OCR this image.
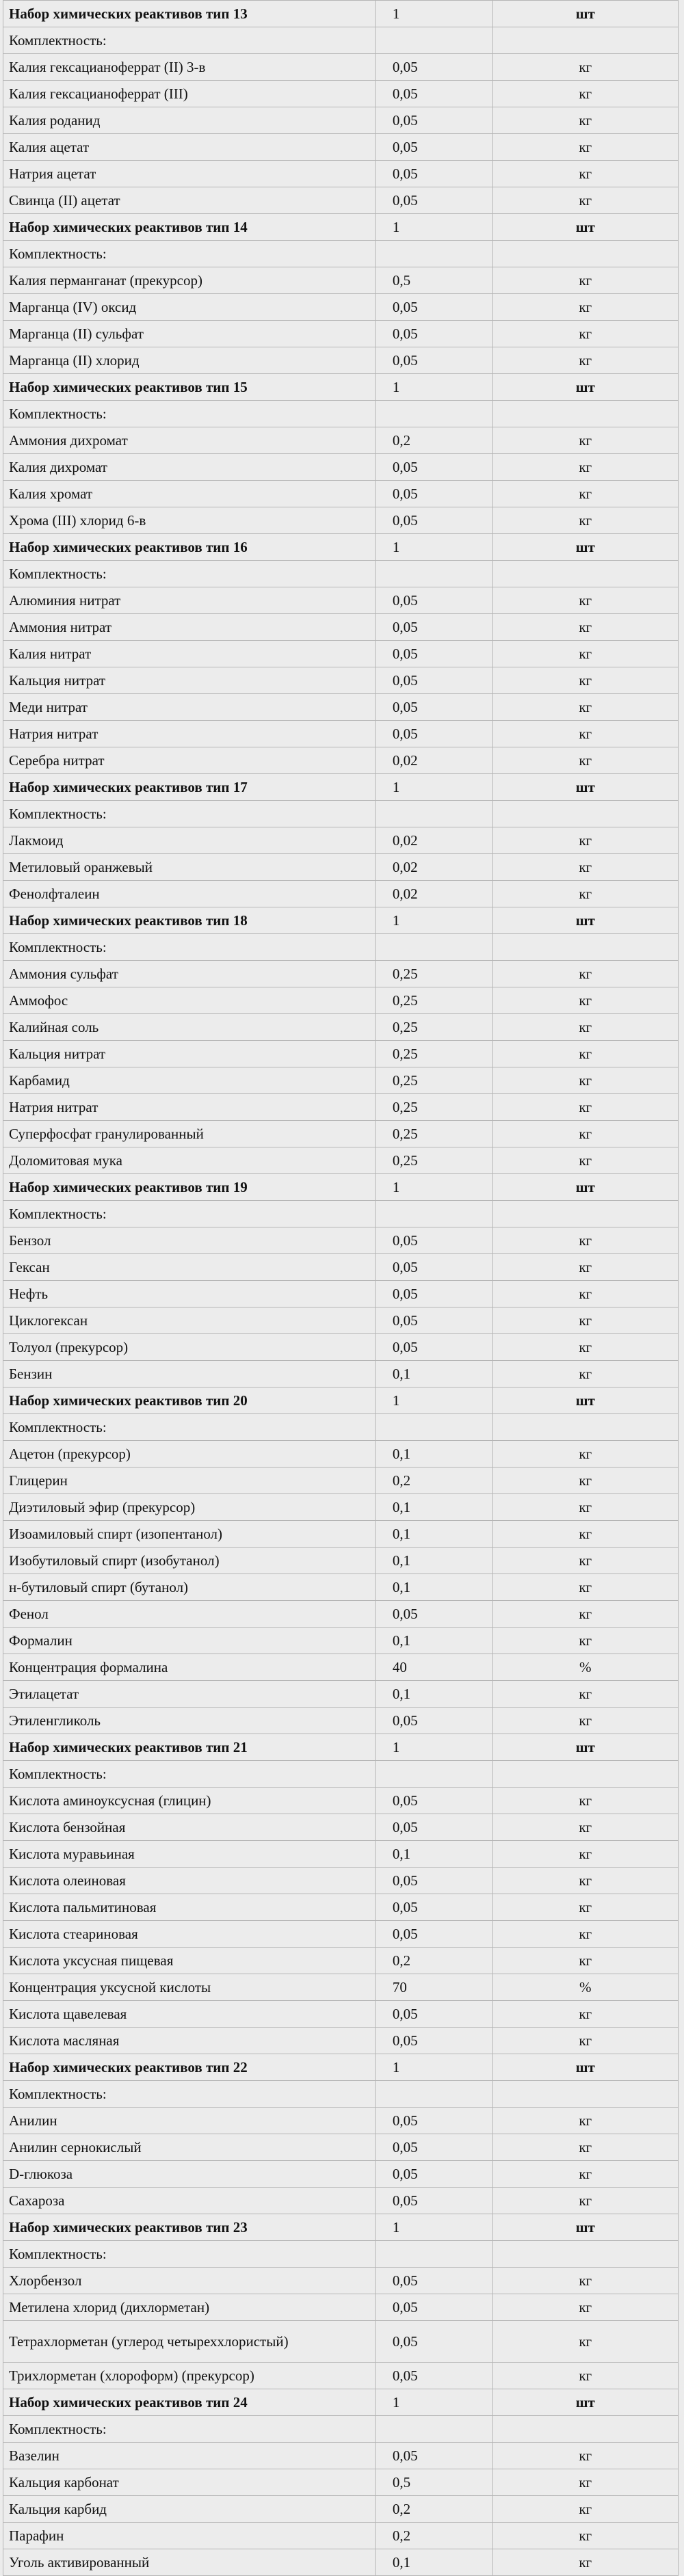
Набор химических реактивов тип 13	1	шт
Комплектность:		
Калия гексацианоферрат (II) 3-в	0,05	кг
Калия гексацианоферрат (III)	0,05	кг
Калия роданид	0,05	кг
Калия ацетат	0,05	кг
Натрия ацетат	0,05	кг
Свинца (II) ацетат	0,05	кг
Набор химических реактивов тип 14	1	шт
Комплектность:		
Калия перманганат (прекурсор)	0,5	кг
Марганца (IV) оксид	0,05	кг
Марганца (II) сульфат	0,05	кг
Марганца (II) хлорид	0,05	кг
Набор химических реактивов тип 15	1	шт
Комплектность:		
Аммония дихромат	0,2	кг
Калия дихромат	0,05	кг
Калия хромат	0,05	кг
Хрома (III) хлорид 6-в	0,05	кг
Набор химических реактивов тип 16	1	шт
Комплектность:		
Алюминия нитрат	0,05	кг
Аммония нитрат	0,05	кг
Калия нитрат	0,05	кг
Кальция нитрат	0,05	кг
Меди нитрат	0,05	кг
Натрия нитрат	0,05	кг
Серебра нитрат	0,02	кг
Набор химических реактивов тип 17	1	шт
Комплектность:		
Лакмоид	0,02	кг
Метиловый оранжевый	0,02	кг
Фенолфталеин	0,02	кг
Набор химических реактивов тип 18	1	шт
Комплектность:		
Аммония сульфат	0,25	кг
Аммофос	0,25	кг
Калийная соль	0,25	кг
Кальция нитрат	0,25	кг
Карбамид	0,25	кг
Натрия нитрат	0,25	кг
Суперфосфат гранулированный	0,25	кг
Доломитовая мука	0,25	кг
Набор химических реактивов тип 19	1	шт
Комплектность:		
Бензол	0,05	кг
Гексан	0,05	кг
Нефть	0,05	кг
Циклогексан	0,05	кг
Толуол (прекурсор)	0,05	кг
Бензин	0,1	кг
Набор химических реактивов тип 20	1	шт
Комплектность:		
Ацетон (прекурсор)	0,1	кг
Глицерин	0,2	кг
Диэтиловый эфир (прекурсор)	0,1	кг
Изоамиловый спирт (изопентанол)	0,1	кг
Изобутиловый спирт (изобутанол)	0,1	кг
н-бутиловый спирт (бутанол)	0,1	кг
Фенол	0,05	кг
Формалин	0,1	кг
Концентрация формалина	40	%
Этилацетат	0,1	кг
Этиленгликоль	0,05	кг
Набор химических реактивов тип 21	1	шт
Комплектность:		
Кислота аминоуксусная (глицин)	0,05	кг
Кислота бензойная	0,05	кг
Кислота муравьиная	0,1	кг
Кислота олеиновая	0,05	кг
Кислота пальмитиновая	0,05	кг
Кислота стеариновая	0,05	кг
Кислота уксусная пищевая	0,2	кг
Концентрация уксусной кислоты	70	%
Кислота щавелевая	0,05	кг
Кислота масляная	0,05	кг
Набор химических реактивов тип 22	1	шт
Комплектность:		
Анилин	0,05	кг
Анилин сернокислый	0,05	кг
D-глюкоза	0,05	кг
Сахароза	0,05	кг
Набор химических реактивов тип 23	1	шт
Комплектность:		
Хлорбензол	0,05	кг
Метилена хлорид (дихлорметан)	0,05	кг
Тетрахлорметан (углерод четыреххлористый)	0,05	кг
Трихлорметан (хлороформ) (прекурсор)	0,05	кг
Набор химических реактивов тип 24	1	шт
Комплектность:		
Вазелин	0,05	кг
Кальция карбонат	0,5	кг
Кальция карбид	0,2	кг
Парафин	0,2	кг
Уголь активированный	0,1	кг
